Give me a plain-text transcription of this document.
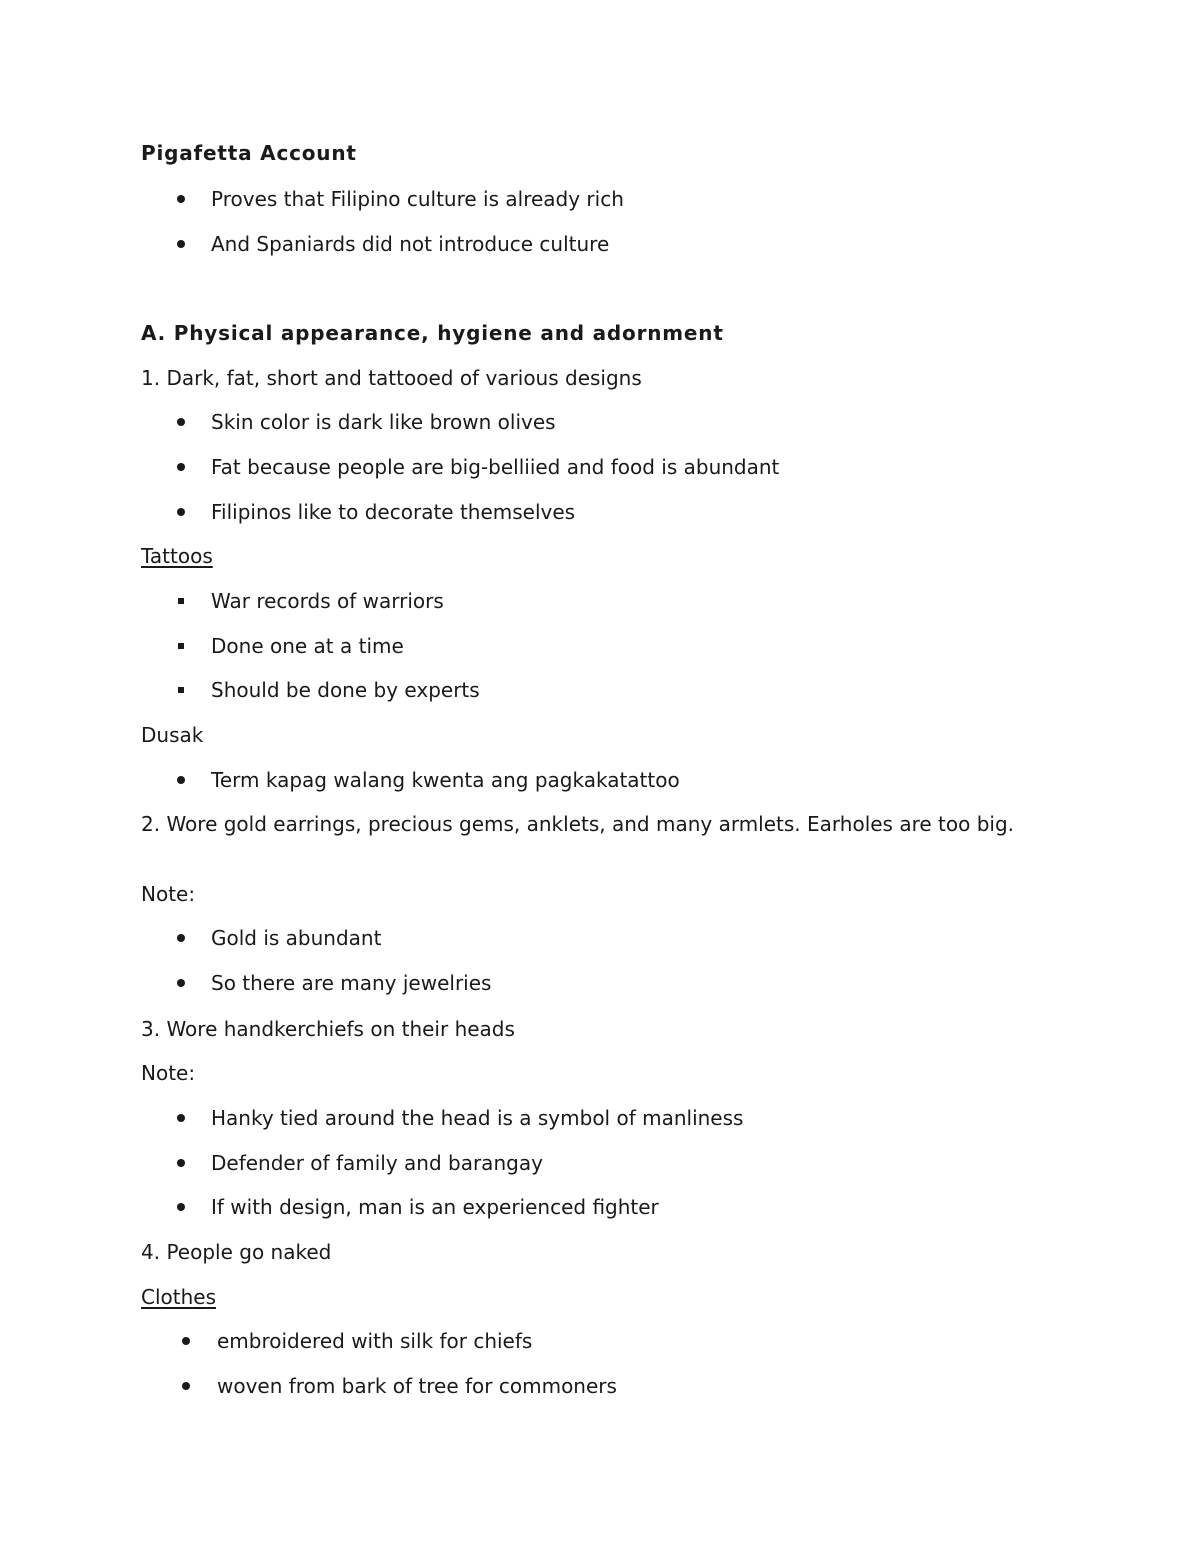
Pigafetta Account
Proves that Filipino culture is already rich
And Spaniards did not introduce culture
A. Physical appearance, hygiene and adornment
1. Dark, fat, short and tattooed of various designs
Skin color is dark like brown olives
Fat because people are big-belliied and food is abundant
Filipinos like to decorate themselves
Tattoos
War records of warriors
Done one at a time
Should be done by experts
Dusak
Term kapag walang kwenta ang pagkakatattoo
2. Wore gold earrings, precious gems, anklets, and many armlets. Earholes are too big.
Note:
Gold is abundant
So there are many jewelries
3. Wore handkerchiefs on their heads
Note:
Hanky tied around the head is a symbol of manliness
Defender of family and barangay
If with design, man is an experienced fighter
4. People go naked
Clothes
embroidered with silk for chiefs
woven from bark of tree for commoners
